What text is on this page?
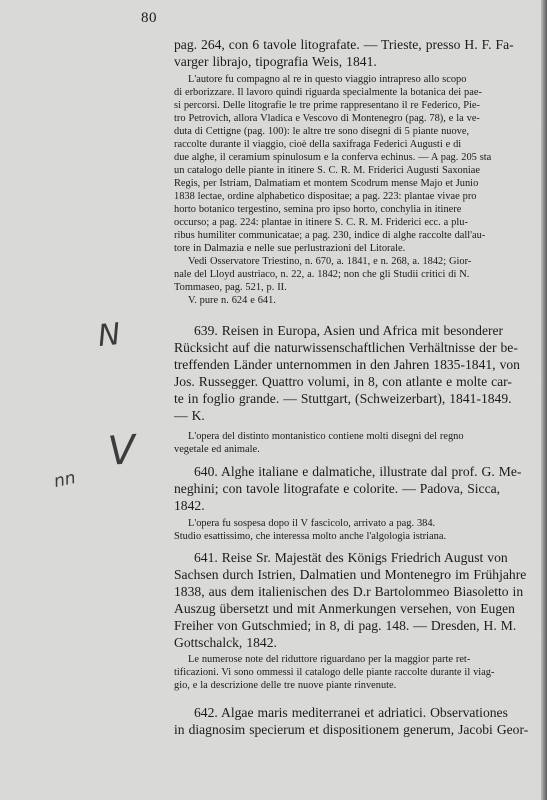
80
pag. 264, con 6 tavole litografate. — Trieste, presso H. F. Fa-
varger librajo, tipografia Weis, 1841.
L'autore fu compagno al re in questo viaggio intrapreso allo scopo
di erborizzare. Il lavoro quindi riguarda specialmente la botanica dei pae-
si percorsi. Delle litografie le tre prime rappresentano il re Federico, Pie-
tro Petrovich, allora Vladica e Vescovo di Montenegro (pag. 78), e la ve-
duta di Cettigne (pag. 100): le altre tre sono disegni di 5 piante nuove,
raccolte durante il viaggio, cioè della saxifraga Federici Augusti e di
due alghe, il ceramium spinulosum e la conferva echinus. — A pag. 205 sta
un catalogo delle piante in itinere S. C. R. M. Friderici Augusti Saxoniae
Regis, per Istriam, Dalmatiam et montem Scodrum mense Majo et Junio
1838 lectae, ordine alphabetico dispositae; a pag. 223: plantae vivae pro
horto botanico tergestino, semina pro ipso horto, conchylia in itinere
occurso; a pag. 224: plantae in itinere S. C. R. M. Friderici ecc. a plu-
ribus humiliter communicatae; a pag. 230, indice di alghe raccolte dall'au-
tore in Dalmazia e nelle sue perlustrazioni del Litorale.
Vedi Osservatore Triestino, n. 670, a. 1841, e n. 268, a. 1842; Gior-
nale del Lloyd austriaco, n. 22, a. 1842; non che gli Studii critici di N.
Tommaseo, pag. 521, p. II.
V. pure n. 624 e 641.
639. Reisen in Europa, Asien und Africa mit besonderer
Rücksicht auf die naturwissenschaftlichen Verhältnisse der be-
treffenden Länder unternommen in den Jahren 1835-1841, von
Jos. Russegger. Quattro volumi, in 8, con atlante e molte car-
te in foglio grande. — Stuttgart, (Schweizerbart), 1841-1849.
— K.
L'opera del distinto montanistico contiene molti disegni del regno
vegetale ed animale.
640. Alghe italiane e dalmatiche, illustrate dal prof. G. Me-
neghini; con tavole litografate e colorite. — Padova, Sicca,
1842.
L'opera fu sospesa dopo il V fascicolo, arrivato a pag. 384.
Studio esattissimo, che interessa molto anche l'algologia istriana.
641. Reise Sr. Majestät des Königs Friedrich August von
Sachsen durch Istrien, Dalmatien und Montenegro im Frühjahre
1838, aus dem italienischen des D.r Bartolommeo Biasoletto in
Auszug übersetzt und mit Anmerkungen versehen, von Eugen
Freiher von Gutschmied; in 8, di pag. 148. — Dresden, H. M.
Gottschalck, 1842.
Le numerose note del riduttore riguardano per la maggior parte ret-
tificazioni. Vi sono ommessi il catalogo delle piante raccolte durante il viag-
gio, e la descrizione delle tre nuove piante rinvenute.
642. Algae maris mediterranei et adriatici. Observationes
in diagnosim specierum et dispositionem generum, Jacobi Geor-
N
V
nn
